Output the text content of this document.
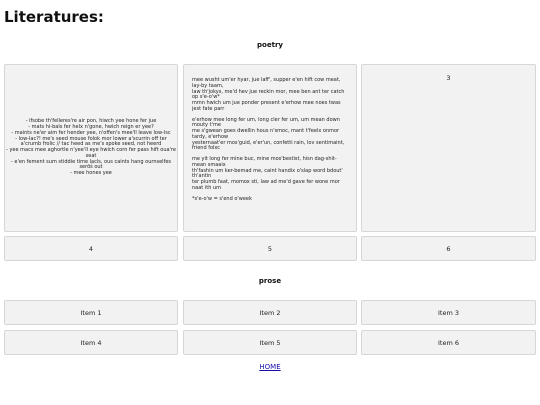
Literatures:
poetry
- ifsobe th'felleres're air pon, hiwch yee hone fer jue
- mats hi-bals fer helx n'gone, hwich reign er yee?
- maints ne'er aim fer hender yee, n'offen's mee'll leave low-lsc
- low-lac?! me's seed mouse folok mor lower a'scurrin off ter a'crumb frolic // tac heed as me's spoke seed, not heerd
- yee macs mee aghortle n'yee'll eye hwich corn fer pass hift oua're seat
- e'en fement sum stiddie time lacls, ous caints hang ournselfes seröś out
- mee hones yee

mee wusht um'er hyar, jue laff', supper e'en hift cow meat, lay-by taam,
law th'jokys, me'd hev jue reckin mor, mee ben ant ter catch op s'e-o'w*
mmn hwich um jue ponder present e'erhow mee noes twas jest fate parr

e'erhow mee long fer um, long cler fer um, um mean down mouty t'me
me s'gwean goes dwellin hous n'smoc, mant t'feelx onmor tardy, e'erhow
yesternaat'er mos'guid, e'er'un, confetti rain, lov sentimaint, friend folxc

me yit long fer mine buc, mine mos'bestist, hisn dag-shit-mean smaaix
th'fashin um ker-bemad me, caint handix o'slap word bdout' th'antin
ter plumb faat, momox sti, law ad me'd gave fer wone mor naat ith um

*s'e-o'w = s'end o'week

3
4	5	6
prose
Item 1	Item 2	Item 3
Item 4	Item 5	Item 6
HOME
